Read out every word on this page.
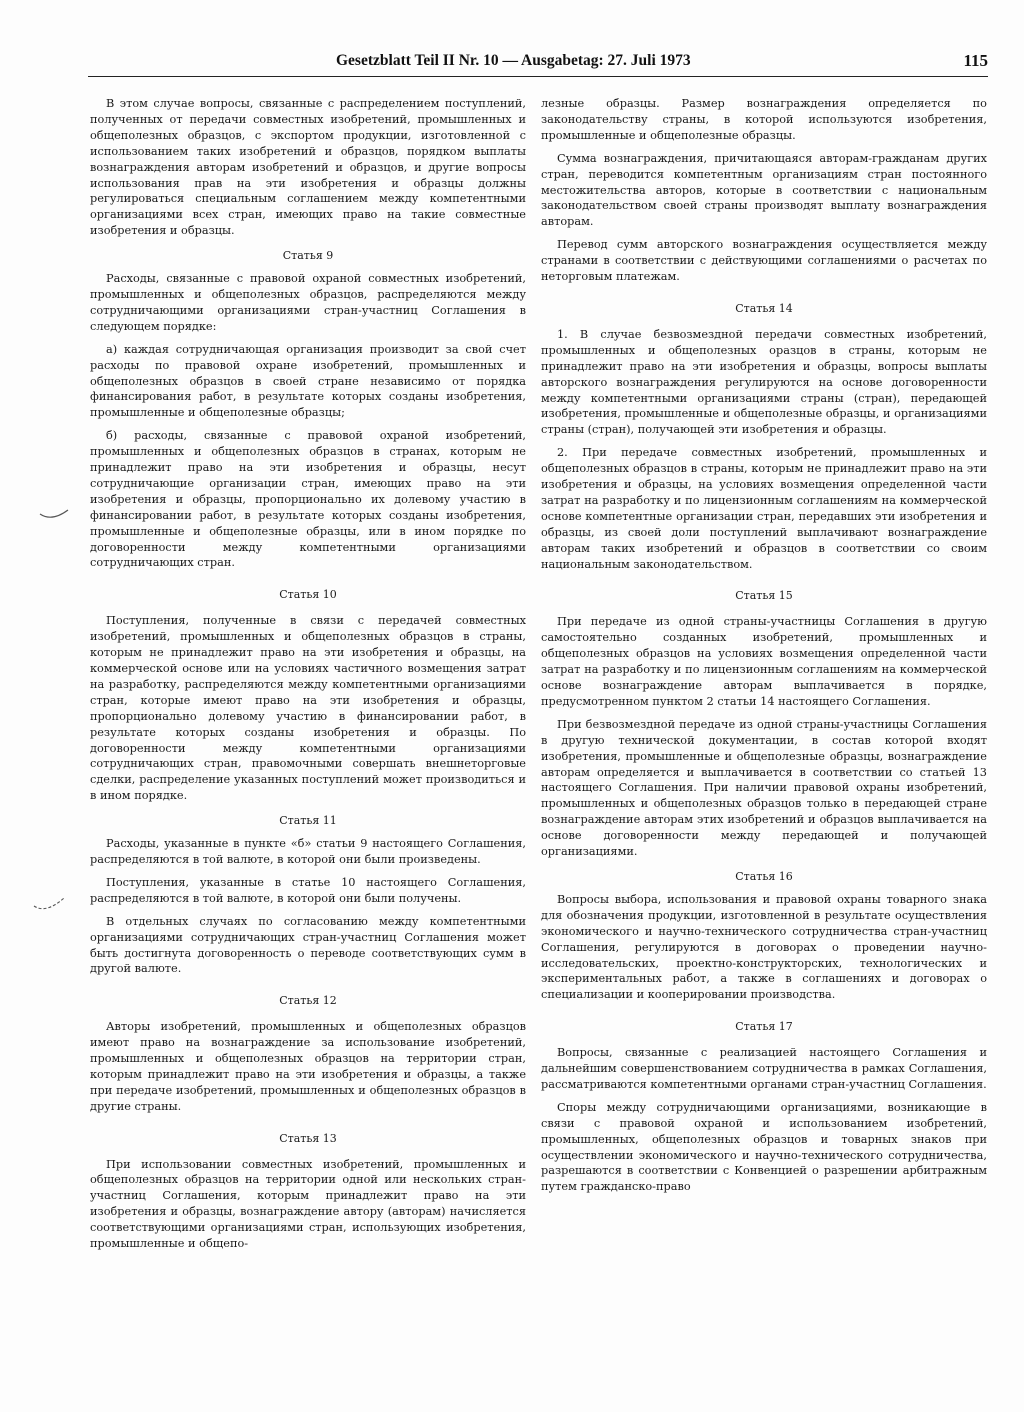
Gesetzblatt Teil II Nr. 10 — Ausgabetag: 27. Juli 1973	115

В этом случае вопросы, связанные с распределением поступлений, полученных от передачи совместных изобретений, промышленных и общеполезных образцов, с экспортом продукции, изготовленной с использованием таких изобретений и образцов, порядком выплаты вознаграждения авторам изобретений и образцов, и другие вопросы использования прав на эти изобретения и образцы должны регулироваться специальным соглашением между компетентными организациями всех стран, имеющих право на такие совместные изобретения и образцы.

Статья 9

Расходы, связанные с правовой охраной совместных изобретений, промышленных и общеполезных образцов, распределяются между сотрудничающими организациями стран-участниц Соглашения в следующем порядке:

а) каждая сотрудничающая организация производит за свой счет расходы по правовой охране изобретений, промышленных и общеполезных образцов в своей стране независимо от порядка финансирования работ, в результате которых созданы изобретения, промышленные и общеполезные образцы;

б) расходы, связанные с правовой охраной изобретений, промышленных и общеполезных образцов в странах, которым не принадлежит право на эти изобретения и образцы, несут сотрудничающие организации стран, имеющих право на эти изобретения и образцы, пропорционально их долевому участию в финансировании работ, в результате которых созданы изобретения, промышленные и общеполезные образцы, или в ином порядке по договоренности между компетентными организациями сотрудничающих стран.

Статья 10

Поступления, полученные в связи с передачей совместных изобретений, промышленных и общеполезных образцов в страны, которым не принадлежит право на эти изобретения и образцы, на коммерческой основе или на условиях частичного возмещения затрат на разработку, распределяются между компетентными организациями стран, которые имеют право на эти изобретения и образцы, пропорционально долевому участию в финансировании работ, в результате которых созданы изобретения и образцы. По договоренности между компетентными организациями сотрудничающих стран, правомочными совершать внешнеторговые сделки, распределение указанных поступлений может производиться и в ином порядке.

Статья 11

Расходы, указанные в пункте «б» статьи 9 настоящего Соглашения, распределяются в той валюте, в которой они были произведены.

Поступления, указанные в статье 10 настоящего Соглашения, распределяются в той валюте, в которой они были получены.

В отдельных случаях по согласованию между компетентными организациями сотрудничающих стран-участниц Соглашения может быть достигнута договоренность о переводе соответствующих сумм в другой валюте.

Статья 12

Авторы изобретений, промышленных и общеполезных образцов имеют право на вознаграждение за использование изобретений, промышленных и общеполезных образцов на территории стран, которым принадлежит право на эти изобретения и образцы, а также при передаче изобретений, промышленных и общеполезных образцов в другие страны.

Статья 13

При использовании совместных изобретений, промышленных и общеполезных образцов на территории одной или нескольких стран-участниц Соглашения, которым принадлежит право на эти изобретения и образцы, вознаграждение автору (авторам) начисляется соответствующими организациями стран, использующих изобретения, промышленные и общепо-

лезные образцы. Размер вознаграждения определяется по законодательству страны, в которой используются изобретения, промышленные и общеполезные образцы.

Сумма вознаграждения, причитающаяся авторам-гражданам других стран, переводится компетентным организациям стран постоянного местожительства авторов, которые в соответствии с национальным законодательством своей страны производят выплату вознаграждения авторам.

Перевод сумм авторского вознаграждения осуществляется между странами в соответствии с действующими соглашениями о расчетах по неторговым платежам.

Статья 14

1. В случае безвозмездной передачи совместных изобретений, промышленных и общеполезных оразцов в страны, которым не принадлежит право на эти изобретения и образцы, вопросы выплаты авторского вознаграждения регулируются на основе договоренности между компетентными организациями страны (стран), передающей изобретения, промышленные и общеполезные образцы, и организациями страны (стран), получающей эти изобретения и образцы.

2. При передаче совместных изобретений, промышленных и общеполезных образцов в страны, которым не принадлежит право на эти изобретения и образцы, на условиях возмещения определенной части затрат на разработку и по лицензионным соглашениям на коммерческой основе компетентные организации стран, передавших эти изобретения и образцы, из своей доли поступлений выплачивают вознаграждение авторам таких изобретений и образцов в соответствии со своим национальным законодательством.

Статья 15

При передаче из одной страны-участницы Соглашения в другую самостоятельно созданных изобретений, промышленных и общеполезных образцов на условиях возмещения определенной части затрат на разработку и по лицензионным соглашениям на коммерческой основе вознаграждение авторам выплачивается в порядке, предусмотренном пунктом 2 статьи 14 настоящего Соглашения.

При безвозмездной передаче из одной страны-участницы Соглашения в другую технической документации, в состав которой входят изобретения, промышленные и общеполезные образцы, вознаграждение авторам определяется и выплачивается в соответствии со статьей 13 настоящего Соглашения. При наличии правовой охраны изобретений, промышленных и общеполезных образцов только в передающей стране вознаграждение авторам этих изобретений и образцов выплачивается на основе договоренности между передающей и получающей организациями.

Статья 16

Вопросы выбора, использования и правовой охраны товарного знака для обозначения продукции, изготовленной в результате осуществления экономического и научно-технического сотрудничества стран-участниц Соглашения, регулируются в договорах о проведении научно-исследовательских, проектно-конструкторских, технологических и экспериментальных работ, а также в соглашениях и договорах о специализации и кооперировании производства.

Статья 17

Вопросы, связанные с реализацией настоящего Соглашения и дальнейшим совершенствованием сотрудничества в рамках Соглашения, рассматриваются компетентными органами стран-участниц Соглашения.

Споры между сотрудничающими организациями, возникающие в связи с правовой охраной и использованием изобретений, промышленных, общеполезных образцов и товарных знаков при осуществлении экономического и научно-технического сотрудничества, разрешаются в соответствии с Конвенцией о разрешении арбитражным путем гражданско-право
